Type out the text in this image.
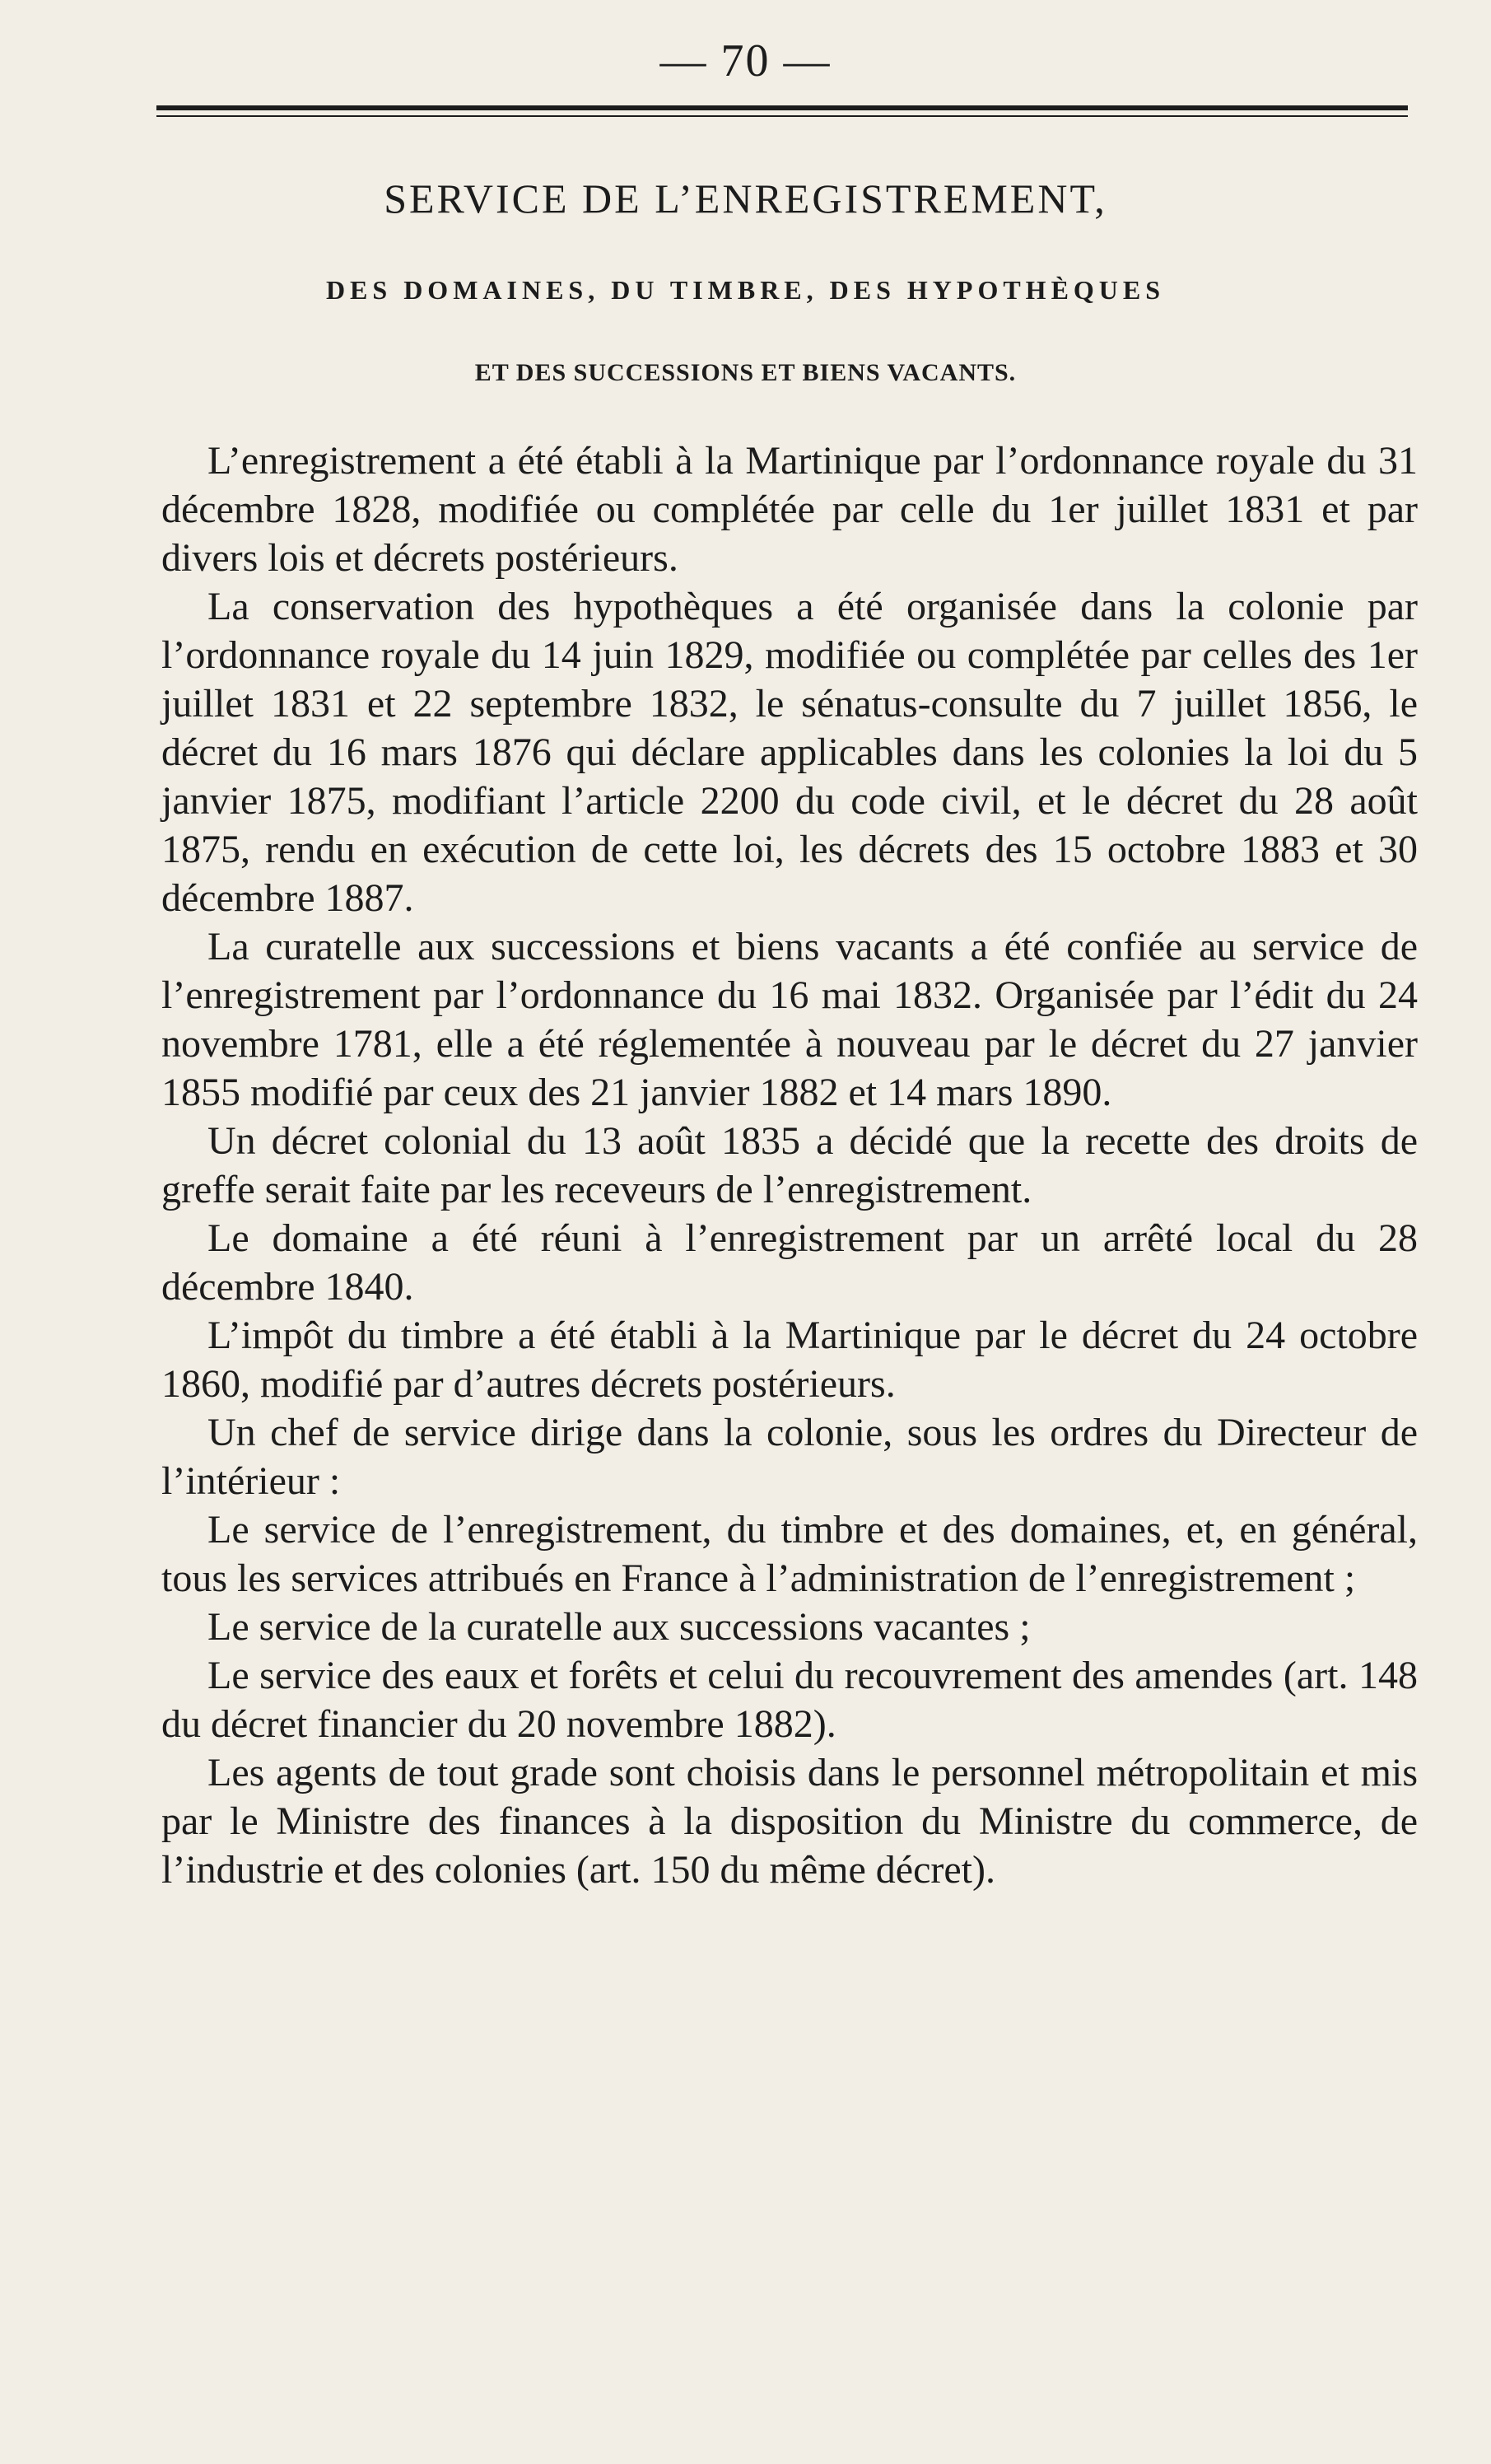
— 70 —
SERVICE DE L’ENREGISTREMENT,
DES DOMAINES, DU TIMBRE, DES HYPOTHÈQUES
ET DES SUCCESSIONS ET BIENS VACANTS.

L’enregistrement a été établi à la Martinique par l’ordonnance royale du 31 décembre 1828, modifiée ou complétée par celle du 1er juillet 1831 et par divers lois et décrets postérieurs.

La conservation des hypothèques a été organisée dans la colonie par l’ordonnance royale du 14 juin 1829, modifiée ou complétée par celles des 1er juillet 1831 et 22 septembre 1832, le sénatus-consulte du 7 juillet 1856, le décret du 16 mars 1876 qui déclare applicables dans les colonies la loi du 5 janvier 1875, modifiant l’article 2200 du code civil, et le décret du 28 août 1875, rendu en exécution de cette loi, les décrets des 15 octobre 1883 et 30 décembre 1887.

La curatelle aux successions et biens vacants a été confiée au service de l’enregistrement par l’ordonnance du 16 mai 1832. Organisée par l’édit du 24 novembre 1781, elle a été réglementée à nouveau par le décret du 27 janvier 1855 modifié par ceux des 21 janvier 1882 et 14 mars 1890.

Un décret colonial du 13 août 1835 a décidé que la recette des droits de greffe serait faite par les receveurs de l’enregistrement.

Le domaine a été réuni à l’enregistrement par un arrêté local du 28 décembre 1840.

L’impôt du timbre a été établi à la Martinique par le décret du 24 octobre 1860, modifié par d’autres décrets postérieurs.

Un chef de service dirige dans la colonie, sous les ordres du Directeur de l’intérieur :

Le service de l’enregistrement, du timbre et des domaines, et, en général, tous les services attribués en France à l’administration de l’enregistrement ;

Le service de la curatelle aux successions vacantes ;

Le service des eaux et forêts et celui du recouvrement des amendes (art. 148 du décret financier du 20 novembre 1882).

Les agents de tout grade sont choisis dans le personnel métropolitain et mis par le Ministre des finances à la disposition du Ministre du commerce, de l’industrie et des colonies (art. 150 du même décret).
